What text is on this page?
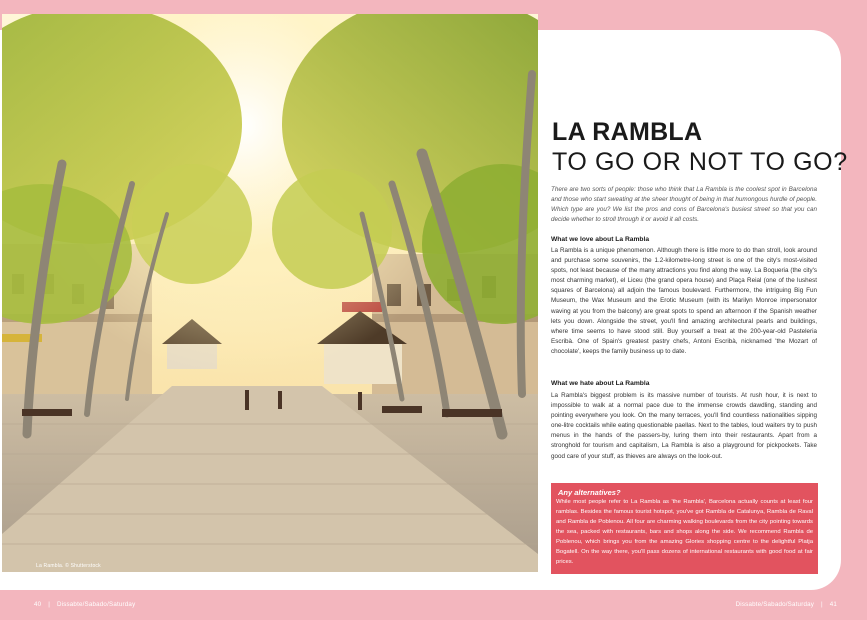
La Rambla. © Shutterstock
LA RAMBLA
TO GO OR NOT TO GO?
There are two sorts of people: those who think that La Rambla is the coolest spot in Barcelona and those who start sweating at the sheer thought of being in that humongous hurdle of people. Which type are you? We list the pros and cons of Barcelona's busiest street so that you can decide whether to stroll through it or avoid it all costs.
What we love about La Rambla
La Rambla is a unique phenomenon. Although there is little more to do than stroll, look around and purchase some souvenirs, the 1.2-kilometre-long street is one of the city's most-visited spots, not least because of the many attractions you find along the way. La Boqueria (the city's most charming market), el Liceu (the grand opera house) and Plaça Reial (one of the lushest squares of Barcelona) all adjoin the famous boulevard. Furthermore, the intriguing Big Fun Museum, the Wax Museum and the Erotic Museum (with its Marilyn Monroe impersonator waving at you from the balcony) are great spots to spend an afternoon if the Spanish weather lets you down. Alongside the street, you'll find amazing architectural pearls and buildings, where time seems to have stood still. Buy yourself a treat at the 200-year-old Pasteleria Escribà. One of Spain's greatest pastry chefs, Antoni Escribà, nicknamed 'the Mozart of chocolate', keeps the family business up to date.
What we hate about La Rambla
La Rambla's biggest problem is its massive number of tourists. At rush hour, it is next to impossible to walk at a normal pace due to the immense crowds dawdling, standing and pointing everywhere you look. On the many terraces, you'll find countless nationalities sipping one-litre cocktails while eating questionable paellas. Next to the tables, loud waiters try to push menus in the hands of the passers-by, luring them into their restaurants. Apart from a stronghold for tourism and capitalism, La Rambla is also a playground for pickpockets. Take good care of your stuff, as thieves are always on the look-out.
Any alternatives?
While most people refer to La Rambla as 'the Rambla', Barcelona actually counts at least four ramblas. Besides the famous tourist hotspot, you've got Rambla de Catalunya, Rambla de Raval and Rambla de Poblenou. All four are charming walking boulevards from the city pointing towards the sea, packed with restaurants, bars and shops along the side. We recommend Rambla de Poblenou, which brings you from the amazing Glories shopping centre to the delightful Platja Bogatell. On the way there, you'll pass dozens of international restaurants with good food at fair prices.
40 | Dissabte/Sabado/Saturday	Dissabte/Sabado/Saturday | 41
